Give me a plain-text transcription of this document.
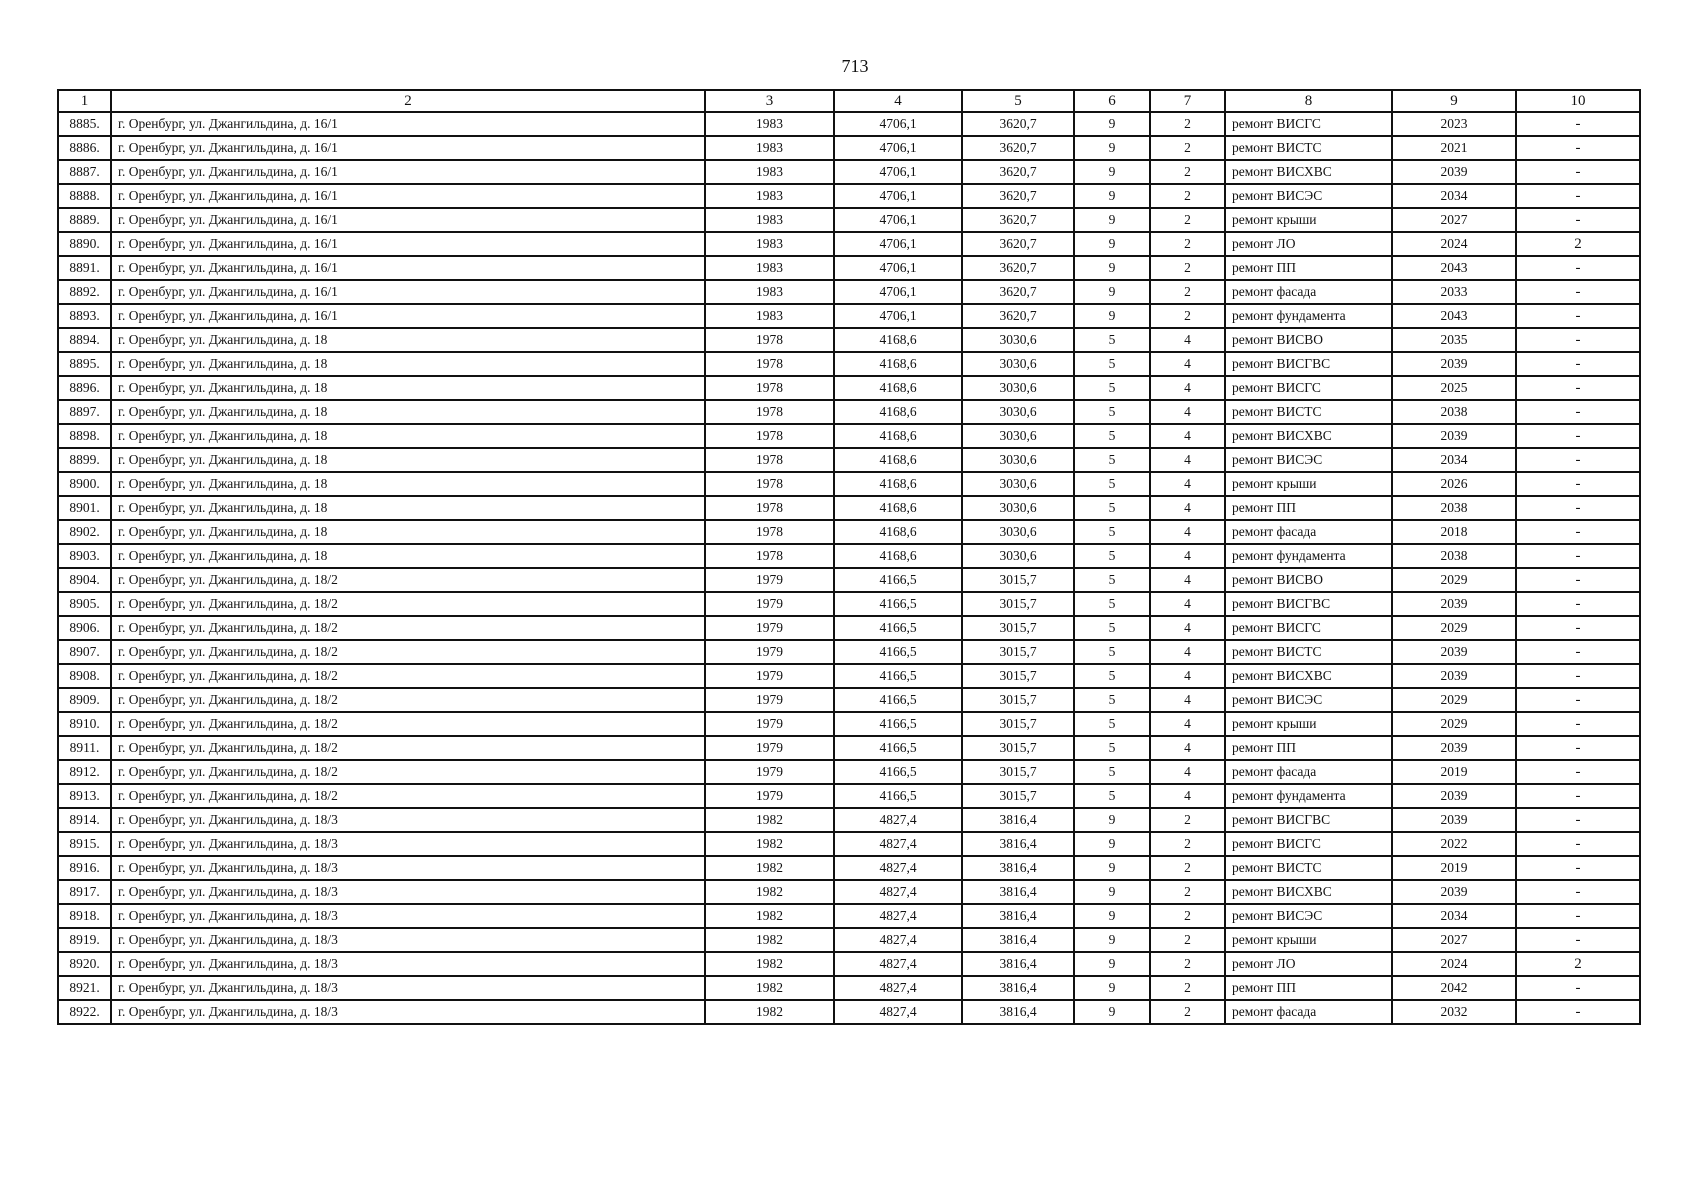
713
1	2	3	4	5	6	7	8	9	10
8885.	г. Оренбург, ул. Джангильдина, д. 16/1	1983	4706,1	3620,7	9	2	ремонт ВИСГС	2023	-
8886.	г. Оренбург, ул. Джангильдина, д. 16/1	1983	4706,1	3620,7	9	2	ремонт ВИСТС	2021	-
8887.	г. Оренбург, ул. Джангильдина, д. 16/1	1983	4706,1	3620,7	9	2	ремонт ВИСХВС	2039	-
8888.	г. Оренбург, ул. Джангильдина, д. 16/1	1983	4706,1	3620,7	9	2	ремонт ВИСЭС	2034	-
8889.	г. Оренбург, ул. Джангильдина, д. 16/1	1983	4706,1	3620,7	9	2	ремонт крыши	2027	-
8890.	г. Оренбург, ул. Джангильдина, д. 16/1	1983	4706,1	3620,7	9	2	ремонт ЛО	2024	2
8891.	г. Оренбург, ул. Джангильдина, д. 16/1	1983	4706,1	3620,7	9	2	ремонт ПП	2043	-
8892.	г. Оренбург, ул. Джангильдина, д. 16/1	1983	4706,1	3620,7	9	2	ремонт фасада	2033	-
8893.	г. Оренбург, ул. Джангильдина, д. 16/1	1983	4706,1	3620,7	9	2	ремонт фундамента	2043	-
8894.	г. Оренбург, ул. Джангильдина, д. 18	1978	4168,6	3030,6	5	4	ремонт ВИСВО	2035	-
8895.	г. Оренбург, ул. Джангильдина, д. 18	1978	4168,6	3030,6	5	4	ремонт ВИСГВС	2039	-
8896.	г. Оренбург, ул. Джангильдина, д. 18	1978	4168,6	3030,6	5	4	ремонт ВИСГС	2025	-
8897.	г. Оренбург, ул. Джангильдина, д. 18	1978	4168,6	3030,6	5	4	ремонт ВИСТС	2038	-
8898.	г. Оренбург, ул. Джангильдина, д. 18	1978	4168,6	3030,6	5	4	ремонт ВИСХВС	2039	-
8899.	г. Оренбург, ул. Джангильдина, д. 18	1978	4168,6	3030,6	5	4	ремонт ВИСЭС	2034	-
8900.	г. Оренбург, ул. Джангильдина, д. 18	1978	4168,6	3030,6	5	4	ремонт крыши	2026	-
8901.	г. Оренбург, ул. Джангильдина, д. 18	1978	4168,6	3030,6	5	4	ремонт ПП	2038	-
8902.	г. Оренбург, ул. Джангильдина, д. 18	1978	4168,6	3030,6	5	4	ремонт фасада	2018	-
8903.	г. Оренбург, ул. Джангильдина, д. 18	1978	4168,6	3030,6	5	4	ремонт фундамента	2038	-
8904.	г. Оренбург, ул. Джангильдина, д. 18/2	1979	4166,5	3015,7	5	4	ремонт ВИСВО	2029	-
8905.	г. Оренбург, ул. Джангильдина, д. 18/2	1979	4166,5	3015,7	5	4	ремонт ВИСГВС	2039	-
8906.	г. Оренбург, ул. Джангильдина, д. 18/2	1979	4166,5	3015,7	5	4	ремонт ВИСГС	2029	-
8907.	г. Оренбург, ул. Джангильдина, д. 18/2	1979	4166,5	3015,7	5	4	ремонт ВИСТС	2039	-
8908.	г. Оренбург, ул. Джангильдина, д. 18/2	1979	4166,5	3015,7	5	4	ремонт ВИСХВС	2039	-
8909.	г. Оренбург, ул. Джангильдина, д. 18/2	1979	4166,5	3015,7	5	4	ремонт ВИСЭС	2029	-
8910.	г. Оренбург, ул. Джангильдина, д. 18/2	1979	4166,5	3015,7	5	4	ремонт крыши	2029	-
8911.	г. Оренбург, ул. Джангильдина, д. 18/2	1979	4166,5	3015,7	5	4	ремонт ПП	2039	-
8912.	г. Оренбург, ул. Джангильдина, д. 18/2	1979	4166,5	3015,7	5	4	ремонт фасада	2019	-
8913.	г. Оренбург, ул. Джангильдина, д. 18/2	1979	4166,5	3015,7	5	4	ремонт фундамента	2039	-
8914.	г. Оренбург, ул. Джангильдина, д. 18/3	1982	4827,4	3816,4	9	2	ремонт ВИСГВС	2039	-
8915.	г. Оренбург, ул. Джангильдина, д. 18/3	1982	4827,4	3816,4	9	2	ремонт ВИСГС	2022	-
8916.	г. Оренбург, ул. Джангильдина, д. 18/3	1982	4827,4	3816,4	9	2	ремонт ВИСТС	2019	-
8917.	г. Оренбург, ул. Джангильдина, д. 18/3	1982	4827,4	3816,4	9	2	ремонт ВИСХВС	2039	-
8918.	г. Оренбург, ул. Джангильдина, д. 18/3	1982	4827,4	3816,4	9	2	ремонт ВИСЭС	2034	-
8919.	г. Оренбург, ул. Джангильдина, д. 18/3	1982	4827,4	3816,4	9	2	ремонт крыши	2027	-
8920.	г. Оренбург, ул. Джангильдина, д. 18/3	1982	4827,4	3816,4	9	2	ремонт ЛО	2024	2
8921.	г. Оренбург, ул. Джангильдина, д. 18/3	1982	4827,4	3816,4	9	2	ремонт ПП	2042	-
8922.	г. Оренбург, ул. Джангильдина, д. 18/3	1982	4827,4	3816,4	9	2	ремонт фасада	2032	-
